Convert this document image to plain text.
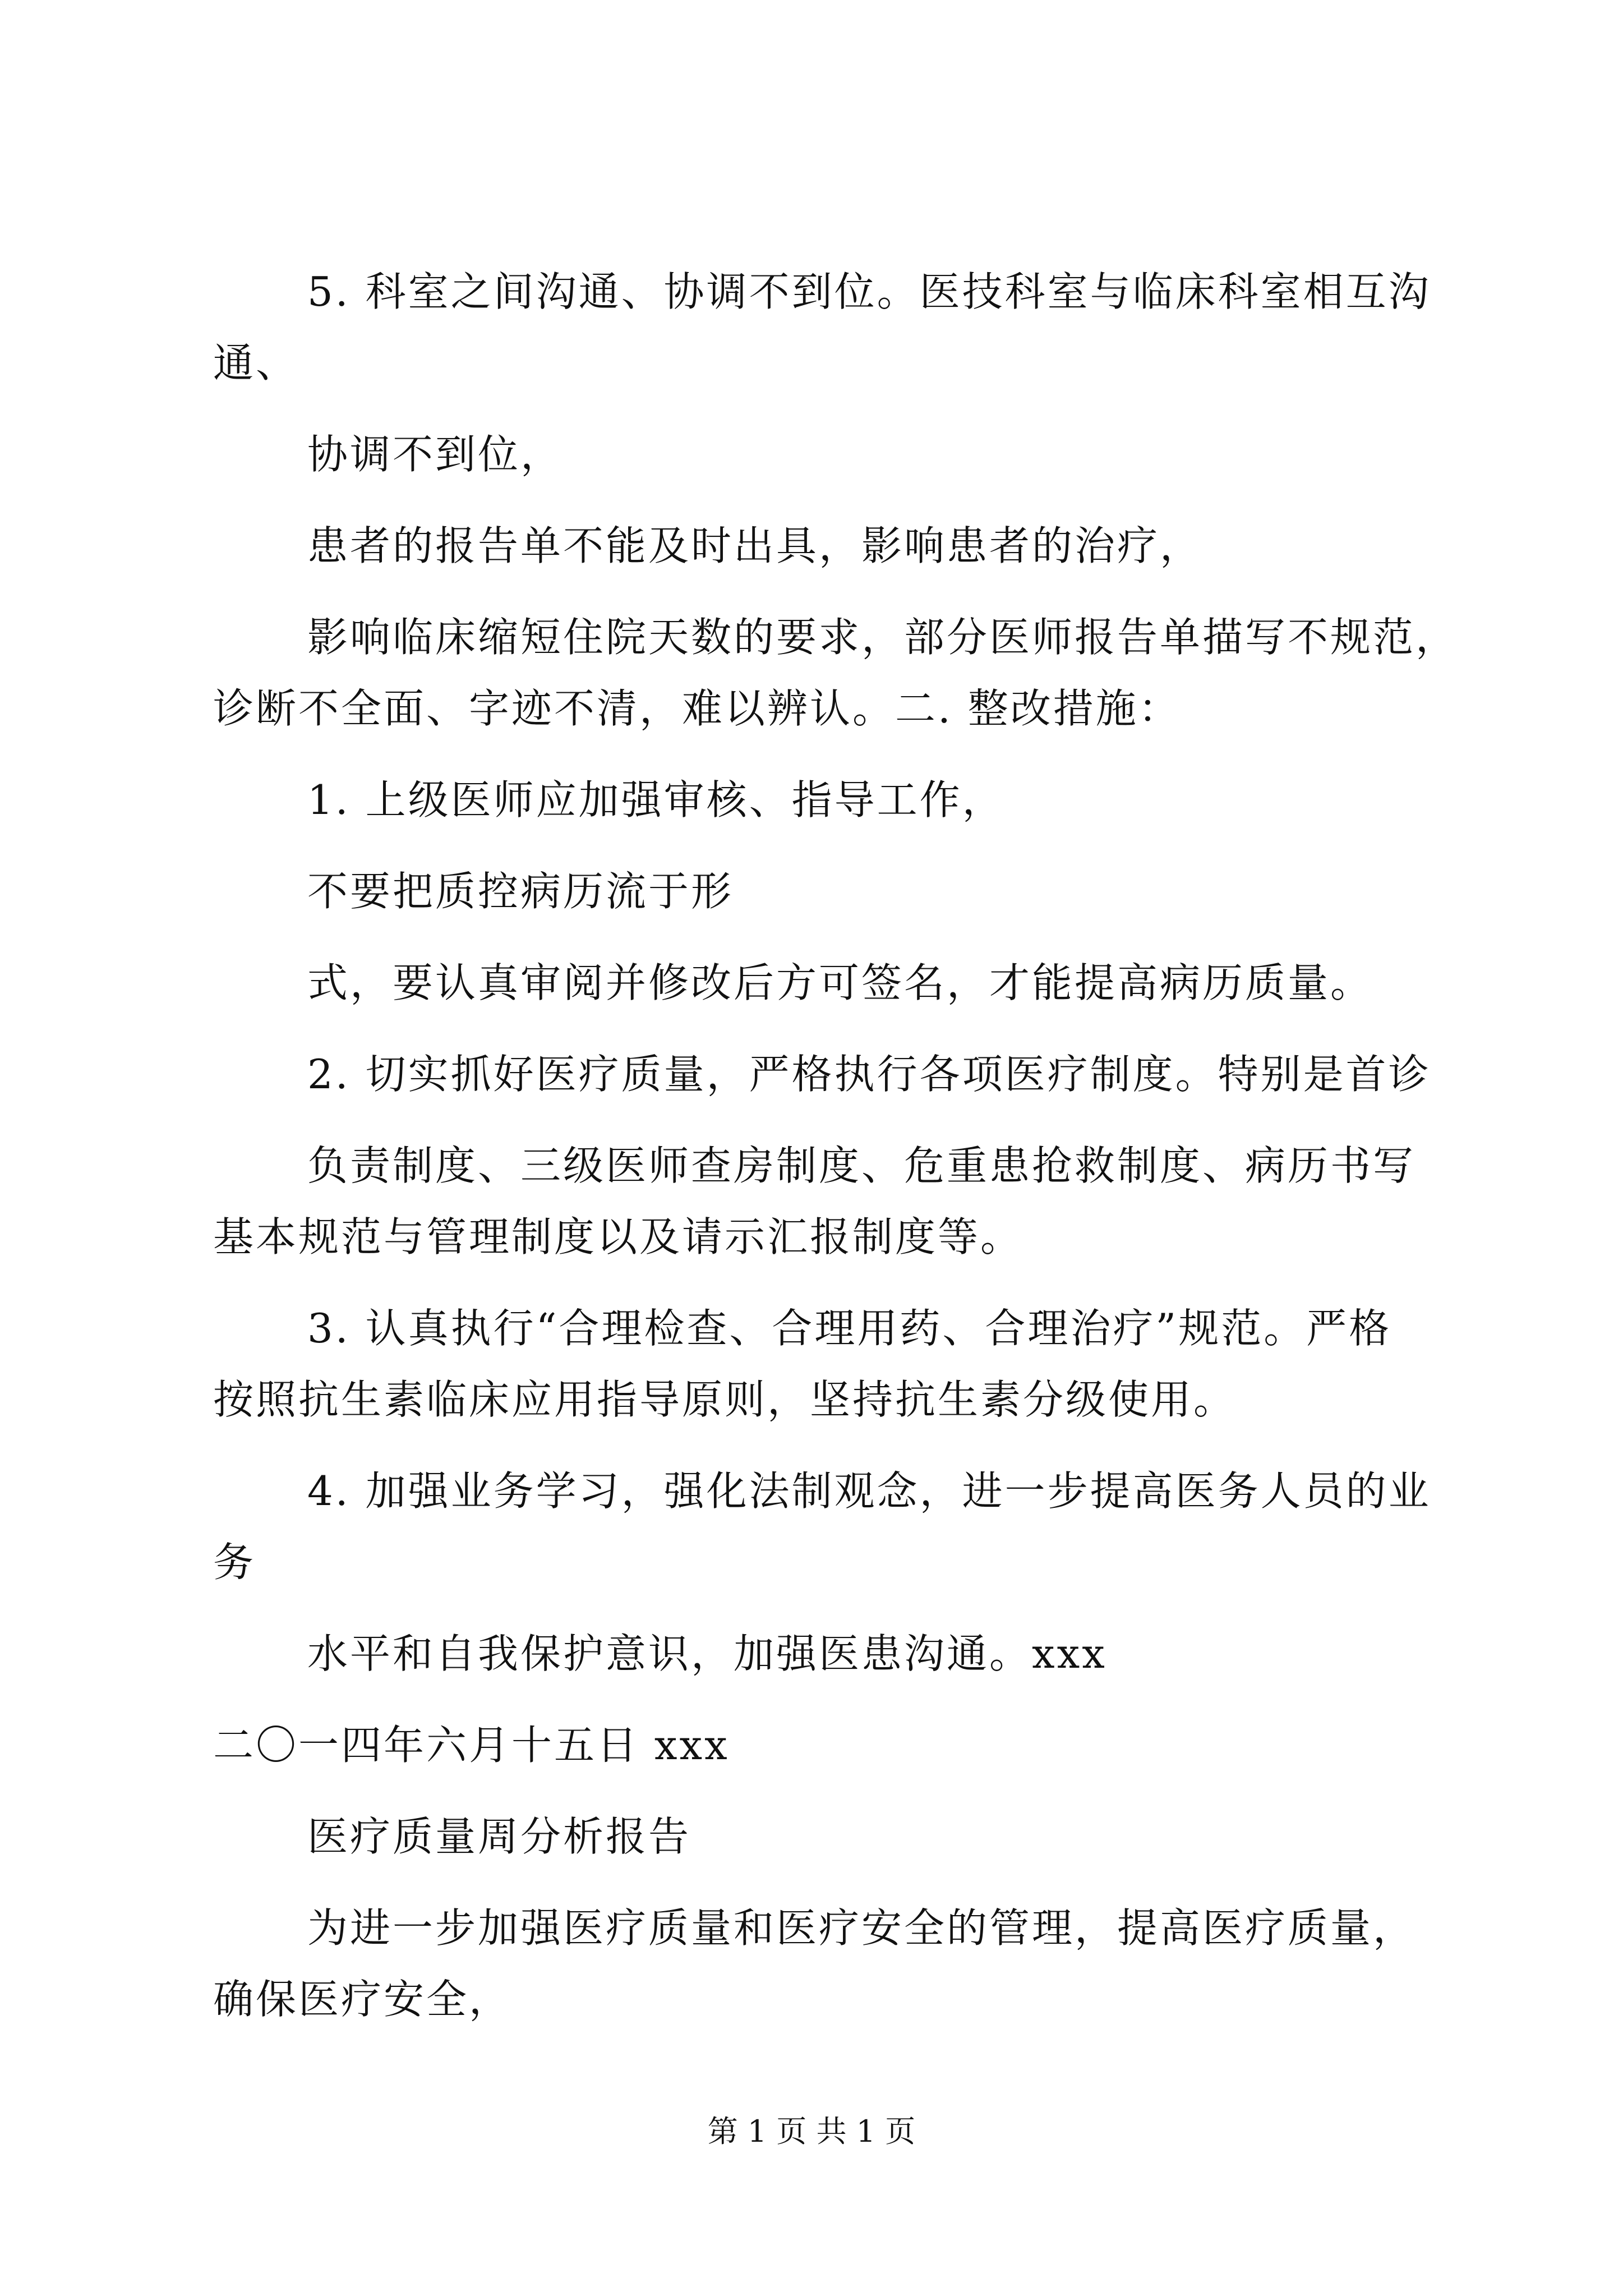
5. 科室之间沟通、协调不到位。医技科室与临床科室相互沟
通、
协调不到位，
患者的报告单不能及时出具，影响患者的治疗，
影响临床缩短住院天数的要求，部分医师报告单描写不规范，
诊断不全面、字迹不清，难以辨认。二. 整改措施：
1. 上级医师应加强审核、指导工作，
不要把质控病历流于形
式，要认真审阅并修改后方可签名，才能提高病历质量。
2. 切实抓好医疗质量，严格执行各项医疗制度。特别是首诊
负责制度、三级医师查房制度、危重患抢救制度、病历书写
基本规范与管理制度以及请示汇报制度等。
3. 认真执行“合理检查、合理用药、合理治疗”规范。严格
按照抗生素临床应用指导原则，坚持抗生素分级使用。
4. 加强业务学习，强化法制观念，进一步提高医务人员的业
务
水平和自我保护意识，加强医患沟通。xxx
二〇一四年六月十五日 xxx
医疗质量周分析报告
为进一步加强医疗质量和医疗安全的管理，提高医疗质量，
确保医疗安全，
第 1 页 共 1 页
